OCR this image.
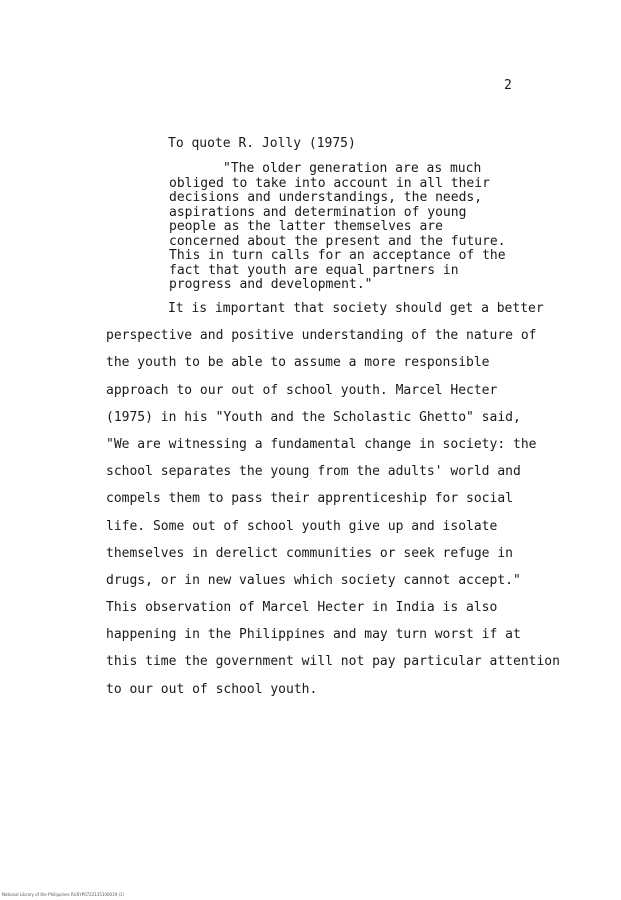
2
To quote R. Jolly (1975)
"The older generation are as much
obliged to take into account in all their
decisions and understandings, the needs,
aspirations and determination of young
people as the latter themselves are
concerned about the present and the future.
This in turn calls for an acceptance of the
fact that youth are equal partners in
progress and development."
It is important that society should get a better
perspective and positive understanding of the nature of
the youth to be able to assume a more responsible
approach to our out of school youth. Marcel Hecter
(1975) in his "Youth and the Scholastic Ghetto" said,
"We are witnessing a fundamental change in society: the
school separates the young from the adults' world and
compels them to pass their apprenticeship for social
life. Some out of school youth give up and isolate
themselves in derelict communities or seek refuge in
drugs, or in new values which society cannot accept."
This observation of Marcel Hecter in India is also
happening in the Philippines and may turn worst if at
this time the government will not pay particular attention
to our out of school youth.
National Library of the Philippines RUSYP0722135100019 (1)
